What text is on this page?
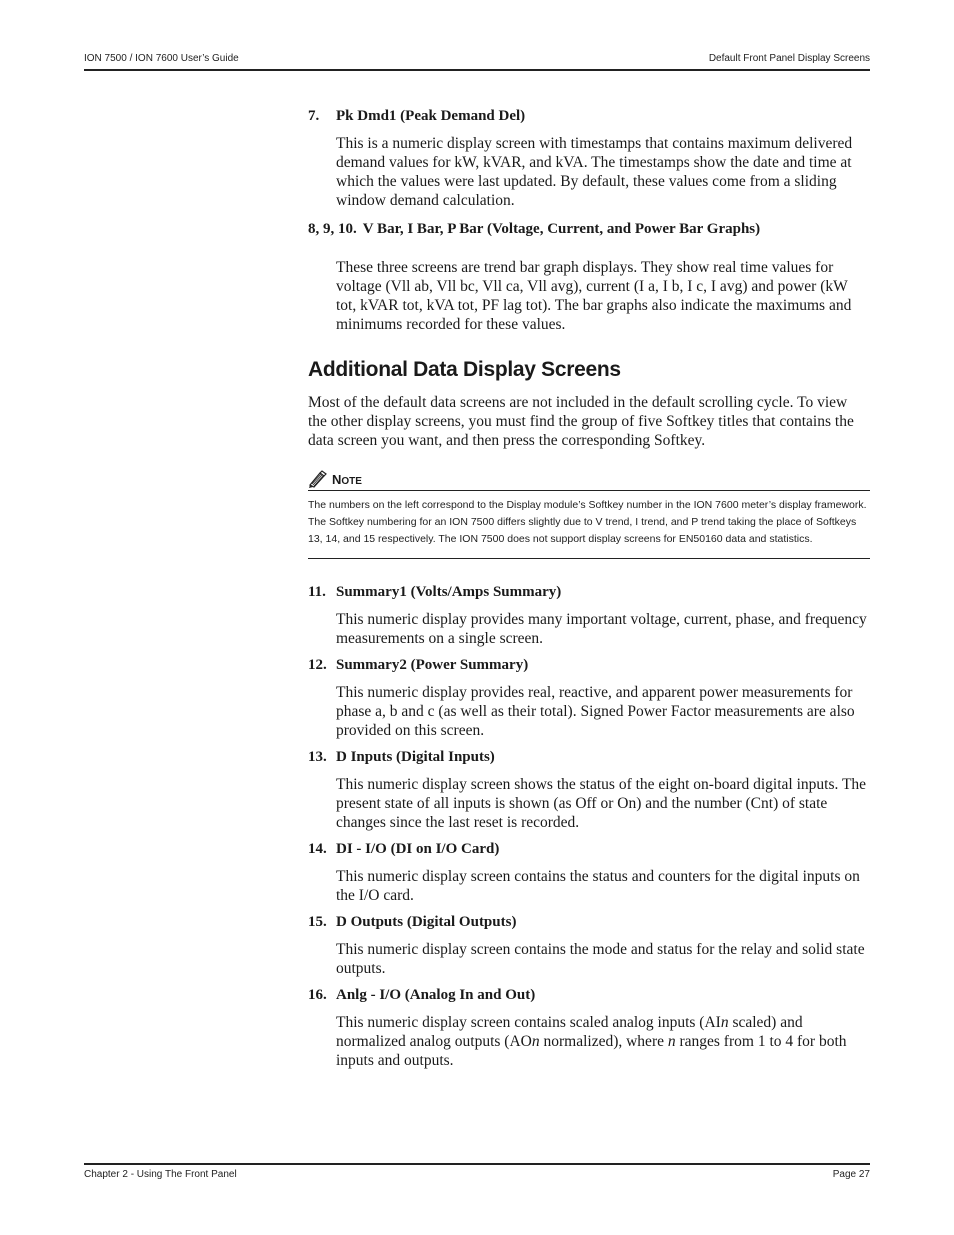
ION 7500 / ION 7600 User’s Guide	Default Front Panel Display Screens
7.	Pk Dmd1 (Peak Demand Del)

This is a numeric display screen with timestamps that contains maximum delivered demand values for kW, kVAR, and kVA. The timestamps show the date and time at which the values were last updated. By default, these values come from a sliding window demand calculation.

8, 9, 10. V Bar, I Bar, P Bar (Voltage, Current, and Power Bar Graphs)

These three screens are trend bar graph displays. They show real time values for voltage (Vll ab, Vll bc, Vll ca, Vll avg), current (I a, I b, I c, I avg) and power (kW tot, kVAR tot, kVA tot, PF lag tot). The bar graphs also indicate the maximums and minimums recorded for these values.

Additional Data Display Screens

Most of the default data screens are not included in the default scrolling cycle. To view the other display screens, you must find the group of five Softkey titles that contains the data screen you want, and then press the corresponding Softkey.

NOTE

The numbers on the left correspond to the Display module’s Softkey number in the ION 7600 meter’s display framework. The Softkey numbering for an ION 7500 differs slightly due to V trend, I trend, and P trend taking the place of Softkeys 13, 14, and 15 respectively. The ION 7500 does not support display screens for EN50160 data and statistics.

11. Summary1 (Volts/Amps Summary)

This numeric display provides many important voltage, current, phase, and frequency measurements on a single screen.

12. Summary2 (Power Summary)

This numeric display provides real, reactive, and apparent power measurements for phase a, b and c (as well as their total). Signed Power Factor measurements are also provided on this screen.

13. D Inputs (Digital Inputs)

This numeric display screen shows the status of the eight on-board digital inputs. The present state of all inputs is shown (as Off or On) and the number (Cnt) of state changes since the last reset is recorded.

14. DI - I/O (DI on I/O Card)

This numeric display screen contains the status and counters for the digital inputs on the I/O card.

15. D Outputs (Digital Outputs)

This numeric display screen contains the mode and status for the relay and solid state outputs.

16. Anlg - I/O (Analog In and Out)

This numeric display screen contains scaled analog inputs (AIn scaled) and normalized analog outputs (AOn normalized), where n ranges from 1 to 4 for both inputs and outputs.

Chapter 2 - Using The Front Panel	Page 27
